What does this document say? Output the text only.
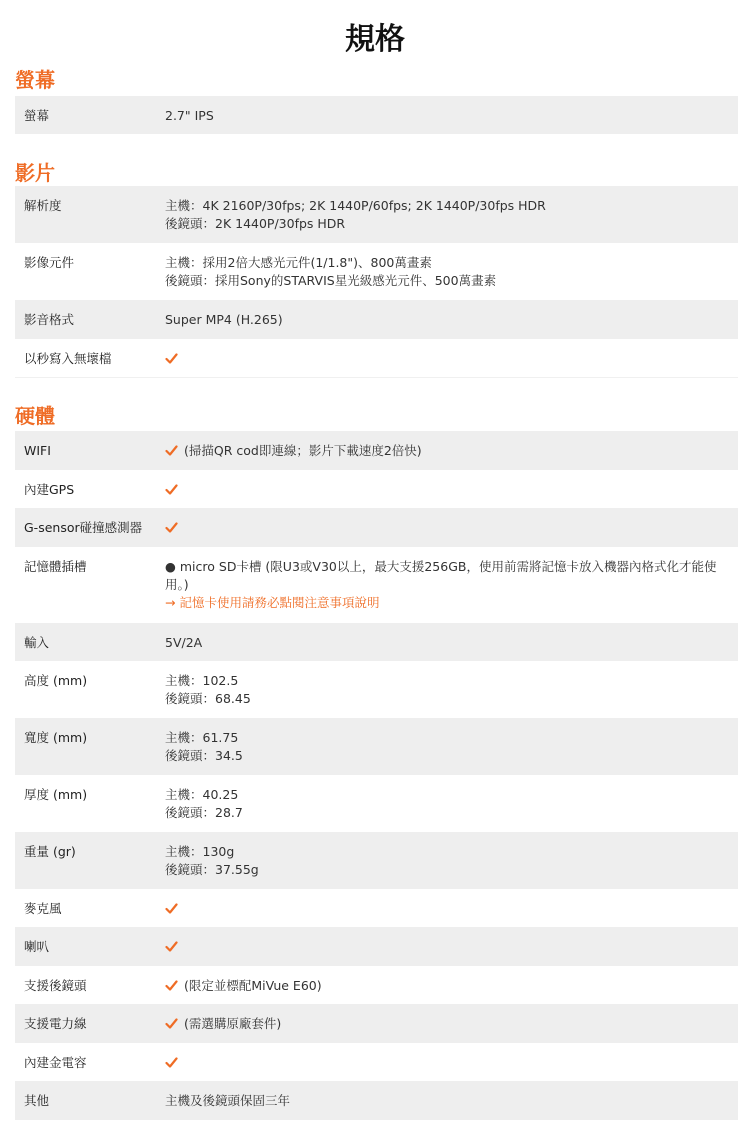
規格
螢幕
螢幕	2.7" IPS
影片
解析度	主機：4K 2160P/30fps; 2K 1440P/60fps; 2K 1440P/30fps HDR
後鏡頭：2K 1440P/30fps HDR
影像元件	主機：採用2倍大感光元件(1/1.8")、800萬畫素
後鏡頭：採用Sony的STARVIS星光級感光元件、500萬畫素
影音格式	Super MP4 (H.265)
以秒寫入無壞檔
硬體
WIFI	(掃描QR cod即連線；影片下載速度2倍快)
內建GPS
G-sensor碰撞感測器
記憶體插槽	● micro SD卡槽 (限U3或V30以上，最大支援256GB，使用前需將記憶卡放入機器內格式化才能使用。)
→ 記憶卡使用請務必點閱注意事項說明
輸入	5V/2A
高度 (mm)	主機：102.5
後鏡頭：68.45
寬度 (mm)	主機：61.75
後鏡頭：34.5
厚度 (mm)	主機：40.25
後鏡頭：28.7
重量 (gr)	主機：130g
後鏡頭：37.55g
麥克風
喇叭
支援後鏡頭	(限定並標配MiVue E60)
支援電力線	(需選購原廠套件)
內建金電容
其他	主機及後鏡頭保固三年
